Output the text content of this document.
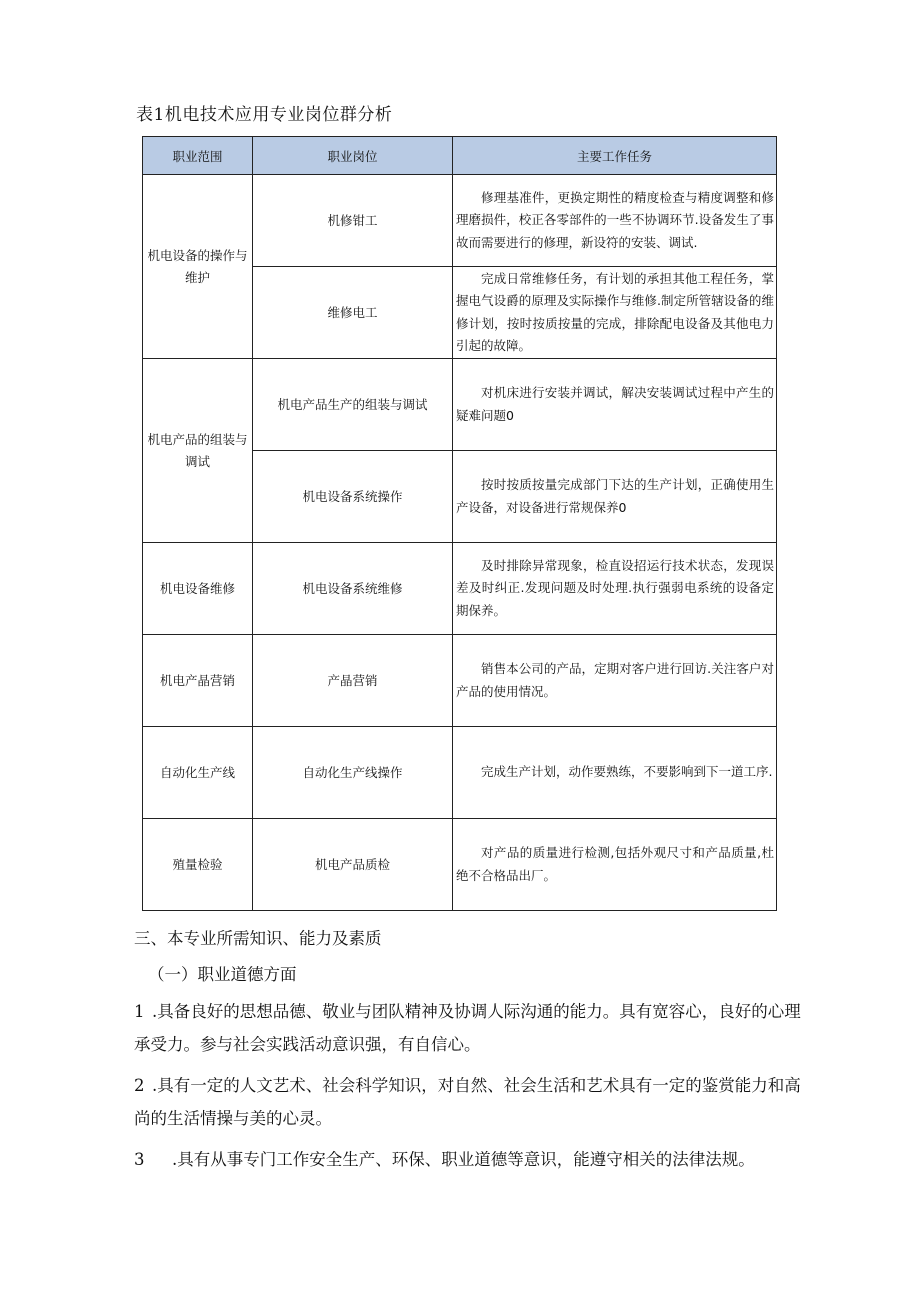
表1机电技术应用专业岗位群分析
职业范围	职业岗位	主要工作任务
机电设备的操作与维护	机修钳工	修理基准件，更换定期性的精度检查与精度调整和修理磨损件，校正各零部件的一些不协调环节.设备发生了事故而需要进行的修理，新设符的安装、调试.

	维修电工	完成日常维修任务，有计划的承担其他工程任务，掌握电气设爵的原理及实际操作与维修.制定所管辖设备的维修计划，按时按质按量的完成，排除配电设备及其他电力引起的故障。

机电产品的组装与调试	机电产品生产的组装与调试	对机床进行安装并调试，解决安装调试过程中产生的疑难问题0

	机电设备系统操作	按时按质按量完成部门下达的生产计划，正确使用生产设备，对设备进行常规保养0

机电设备维修	机电设备系统维修	及时排除异常现象，检直设招运行技术状态，发现误差及时纠正.发现问题及时处理.执行强弱电系统的设备定期保养。

机电产晶营销	产晶营销	销售本公司的产品，定期对客户进行回访.关注客户对产品的使用情况。

自动化生产线	自动化生产线操作	完成生产计划，动作要熟练，不要影响到下一道工序.

殖量检验	机电产品质检	对产品的质量进行检测,包括外观尺寸和产品质量,杜绝不合格品出厂。
三、本专业所需知识、能力及素质
（一）职业道德方面
1 .具备良好的思想品德、敬业与团队精神及协调人际沟通的能力。具有宽容心，良好的心理承受力。参与社会实践活动意识强，有自信心。
2 .具有一定的人文艺术、社会科学知识，对自然、社会生活和艺术具有一定的鉴赏能力和高尚的生活情操与美的心灵。
3 .具有从事专门工作安全生产、环保、职业道德等意识，能遵守相关的法律法规。
